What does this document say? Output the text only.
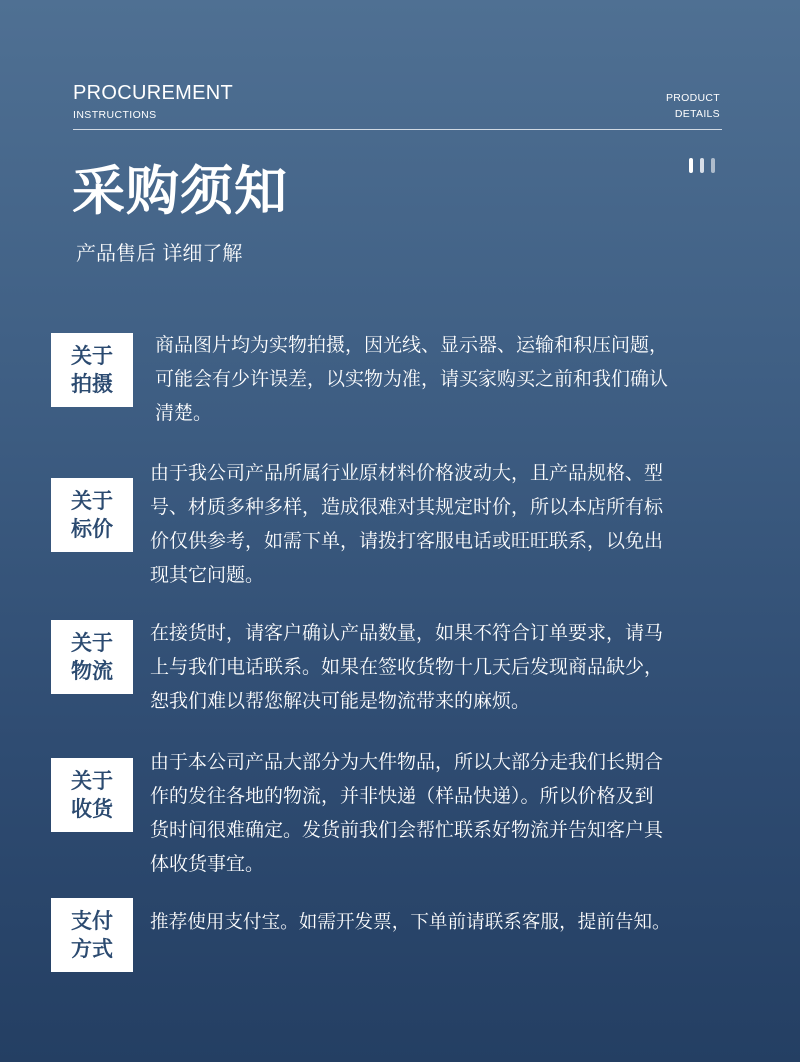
PROCUREMENT
INSTRUCTIONS
PRODUCT
DETAILS
采购须知
产品售后 详细了解
关于
拍摄
商品图片均为实物拍摄，因光线、显示器、运输和积压问题，
可能会有少许误差，以实物为准，请买家购买之前和我们确认
清楚。
关于
标价
由于我公司产品所属行业原材料价格波动大，且产品规格、型
号、材质多种多样，造成很难对其规定时价，所以本店所有标
价仅供参考，如需下单，请拨打客服电话或旺旺联系，以免出
现其它问题。
关于
物流
在接货时，请客户确认产品数量，如果不符合订单要求，请马
上与我们电话联系。如果在签收货物十几天后发现商品缺少，
恕我们难以帮您解决可能是物流带来的麻烦。
关于
收货
由于本公司产品大部分为大件物品，所以大部分走我们长期合
作的发往各地的物流，并非快递（样品快递）。所以价格及到
货时间很难确定。发货前我们会帮忙联系好物流并告知客户具
体收货事宜。
支付
方式
推荐使用支付宝。如需开发票，下单前请联系客服，提前告知。
